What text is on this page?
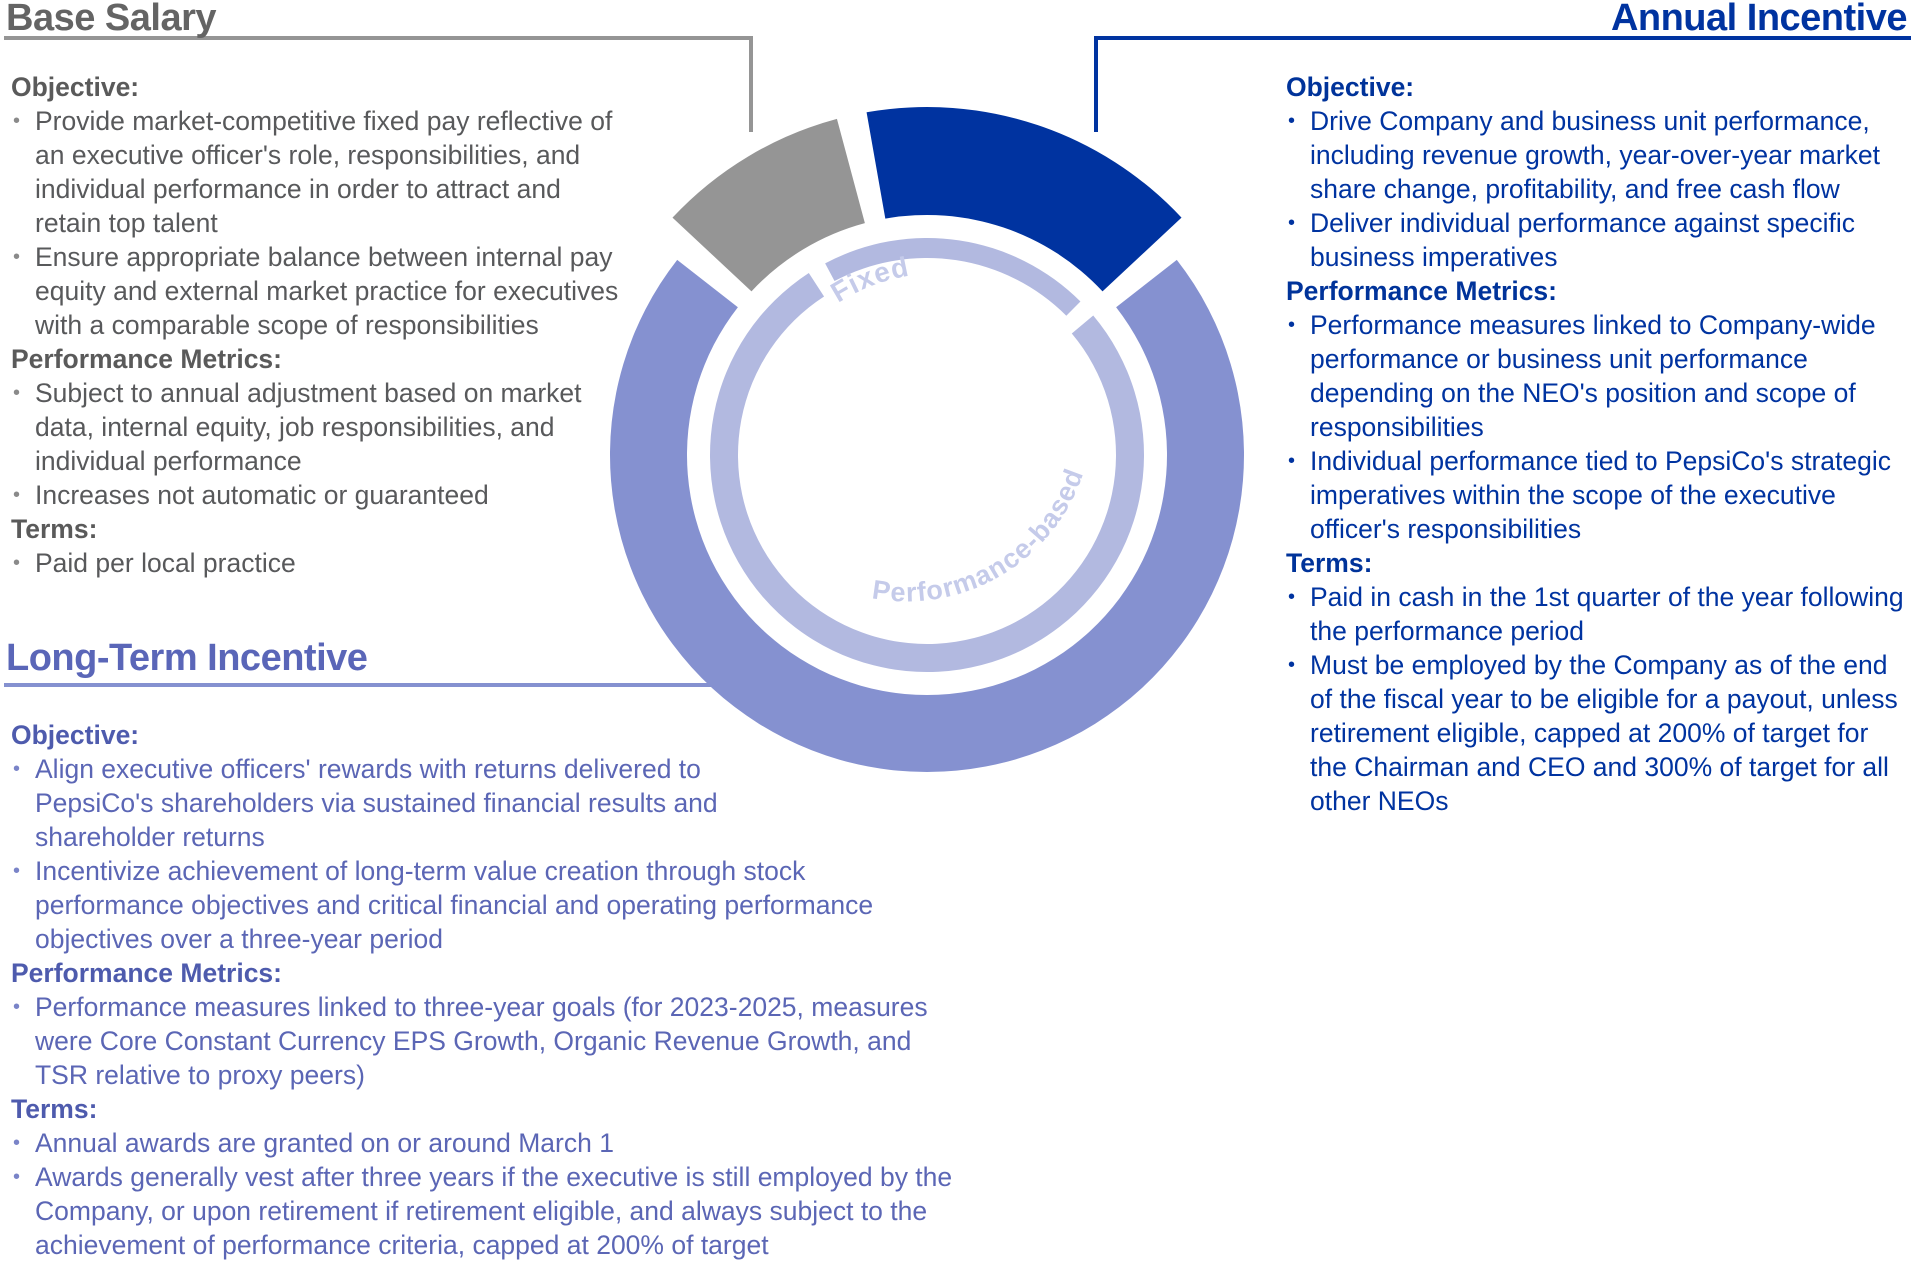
Fixed
Performance-based
Base Salary
Objective:
• Provide market-competitive fixed pay reflective of an executive officer's role, responsibilities, and individual performance in order to attract and retain top talent
• Ensure appropriate balance between internal pay equity and external market practice for executives with a comparable scope of responsibilities
Performance Metrics:
• Subject to annual adjustment based on market data, internal equity, job responsibilities, and individual performance
• Increases not automatic or guaranteed
Terms:
• Paid per local practice
Annual Incentive
Objective:
• Drive Company and business unit performance, including revenue growth, year-over-year market share change, profitability, and free cash flow
• Deliver individual performance against specific business imperatives
Performance Metrics:
• Performance measures linked to Company-wide performance or business unit performance depending on the NEO's position and scope of responsibilities
• Individual performance tied to PepsiCo's strategic imperatives within the scope of the executive officer's responsibilities
Terms:
• Paid in cash in the 1st quarter of the year following the performance period
• Must be employed by the Company as of the end of the fiscal year to be eligible for a payout, unless retirement eligible, capped at 200% of target for the Chairman and CEO and 300% of target for all other NEOs
Long-Term Incentive
Objective:
• Align executive officers' rewards with returns delivered to PepsiCo's shareholders via sustained financial results and shareholder returns
• Incentivize achievement of long-term value creation through stock performance objectives and critical financial and operating performance objectives over a three-year period
Performance Metrics:
• Performance measures linked to three-year goals (for 2023-2025, measures were Core Constant Currency EPS Growth, Organic Revenue Growth, and TSR relative to proxy peers)
Terms:
• Annual awards are granted on or around March 1
• Awards generally vest after three years if the executive is still employed by the Company, or upon retirement if retirement eligible, and always subject to the achievement of performance criteria, capped at 200% of target
